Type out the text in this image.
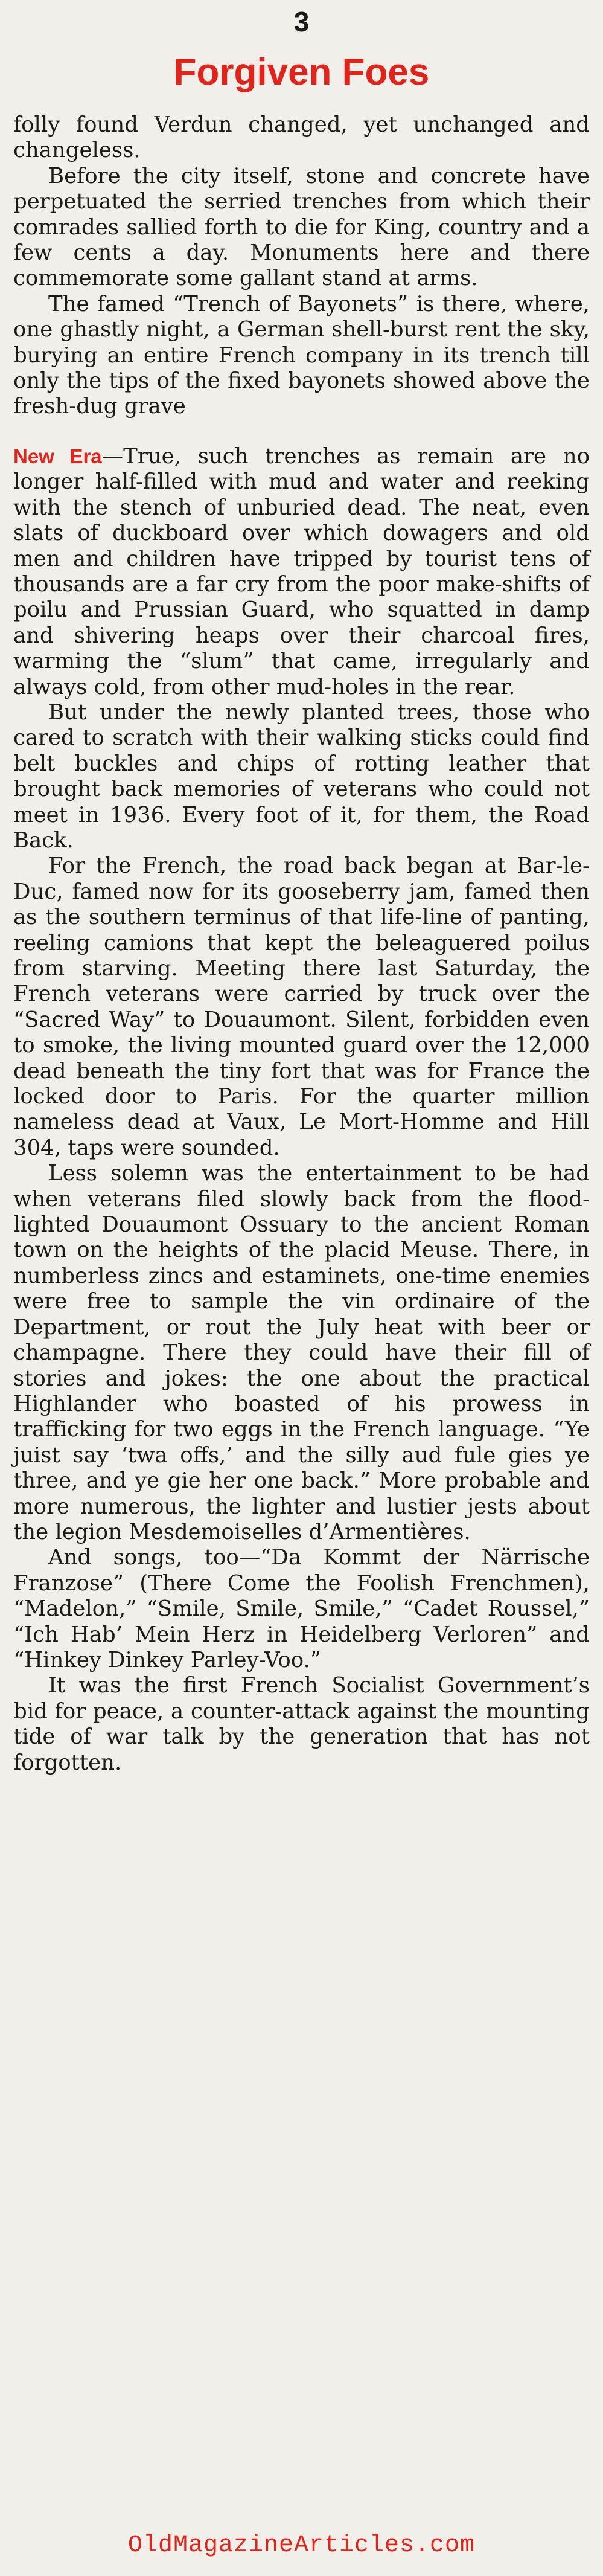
3
Forgiven Foes

folly found Verdun changed, yet unchanged and changeless.

Before the city itself, stone and concrete have perpetuated the serried trenches from which their comrades sallied forth to die for King, country and a few cents a day. Monuments here and there commemorate some gallant stand at arms.

The famed “Trench of Bayonets” is there, where, one ghastly night, a German shell-burst rent the sky, burying an entire French company in its trench till only the tips of the fixed bayonets showed above the fresh-dug grave

New Era—True, such trenches as remain are no longer half-filled with mud and water and reeking with the stench of unburied dead. The neat, even slats of duckboard over which dowagers and old men and children have tripped by tourist tens of thousands are a far cry from the poor make-shifts of poilu and Prussian Guard, who squatted in damp and shivering heaps over their charcoal fires, warming the “slum” that came, irregularly and always cold, from other mud-holes in the rear.

But under the newly planted trees, those who cared to scratch with their walking sticks could find belt buckles and chips of rotting leather that brought back memories of veterans who could not meet in 1936. Every foot of it, for them, the Road Back.

For the French, the road back began at Bar-le-Duc, famed now for its gooseberry jam, famed then as the southern terminus of that life-line of panting, reeling camions that kept the beleaguered poilus from starving. Meeting there last Saturday, the French veterans were carried by truck over the “Sacred Way” to Douaumont. Silent, forbidden even to smoke, the living mounted guard over the 12,000 dead beneath the tiny fort that was for France the locked door to Paris. For the quarter million nameless dead at Vaux, Le Mort-Homme and Hill 304, taps were sounded.

Less solemn was the entertainment to be had when veterans filed slowly back from the flood-lighted Douaumont Ossuary to the ancient Roman town on the heights of the placid Meuse. There, in numberless zincs and estaminets, one-time enemies were free to sample the vin ordinaire of the Department, or rout the July heat with beer or champagne. There they could have their fill of stories and jokes: the one about the practical Highlander who boasted of his prowess in trafficking for two eggs in the French language. “Ye juist say ‘twa offs,’ and the silly aud fule gies ye three, and ye gie her one back.” More probable and more numerous, the lighter and lustier jests about the legion Mesdemoiselles d’Armentières.

And songs, too—“Da Kommt der Närrische Franzose” (There Come the Foolish Frenchmen), “Madelon,” “Smile, Smile, Smile,” “Cadet Roussel,” “Ich Hab’ Mein Herz in Heidelberg Verloren” and “Hinkey Dinkey Parley-Voo.”

It was the first French Socialist Government’s bid for peace, a counter-attack against the mounting tide of war talk by the generation that has not forgotten.

OldMagazineArticles.com
